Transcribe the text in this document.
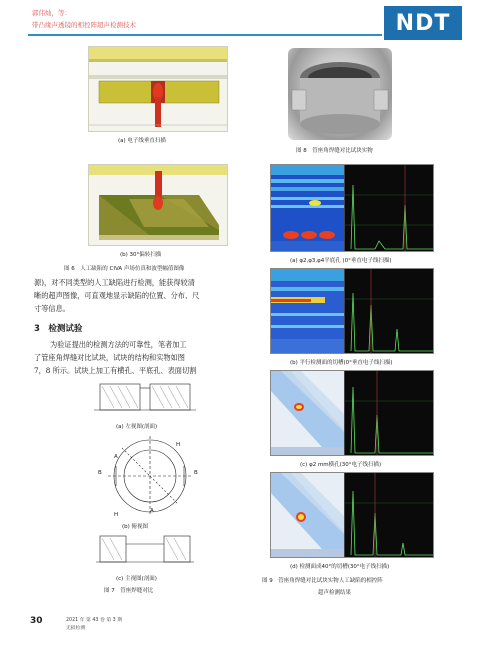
郭伟灿，等：
带凸缘声透镜的相控阵超声检测技术	NDT
(a) 电子线垂直扫描
(b) 30°偏转扫描
图 6　人工缺陷的 CIVA 声场仿真和波型幅值图像
源)，对不同类型的人工缺陷进行检测，能获得较清
晰的超声图像，可直观地显示缺陷的位置、分布、尺
寸等信息。
3　检测试验
为验证提出的检测方法的可靠性，笔者加工
了管座角焊缝对比试块，试块的结构和实物如图
7，8 所示。试块上加工有横孔、平底孔、表面切割
(a) 左视图(剖面)
A
H
B	B
A
H
(b) 俯视图
(c) 主视图(剖面)
图 7　管座焊缝对比
图 8　管座角焊缝对比试块实物
(a) φ2,φ3,φ4平底孔 (0°垂直电子线扫描)
(b) 平行检测面的切槽(0°垂直电子线扫描)
(c) φ2 mm横孔(30°电子线扫描)
(d) 检测面成40°的切槽(30°电子线扫描)
图 9　管座角焊缝对比试块实物人工缺陷的相控阵
超声检测结果
30	2021 年 第 43 卷 第 3 期
无损检测
